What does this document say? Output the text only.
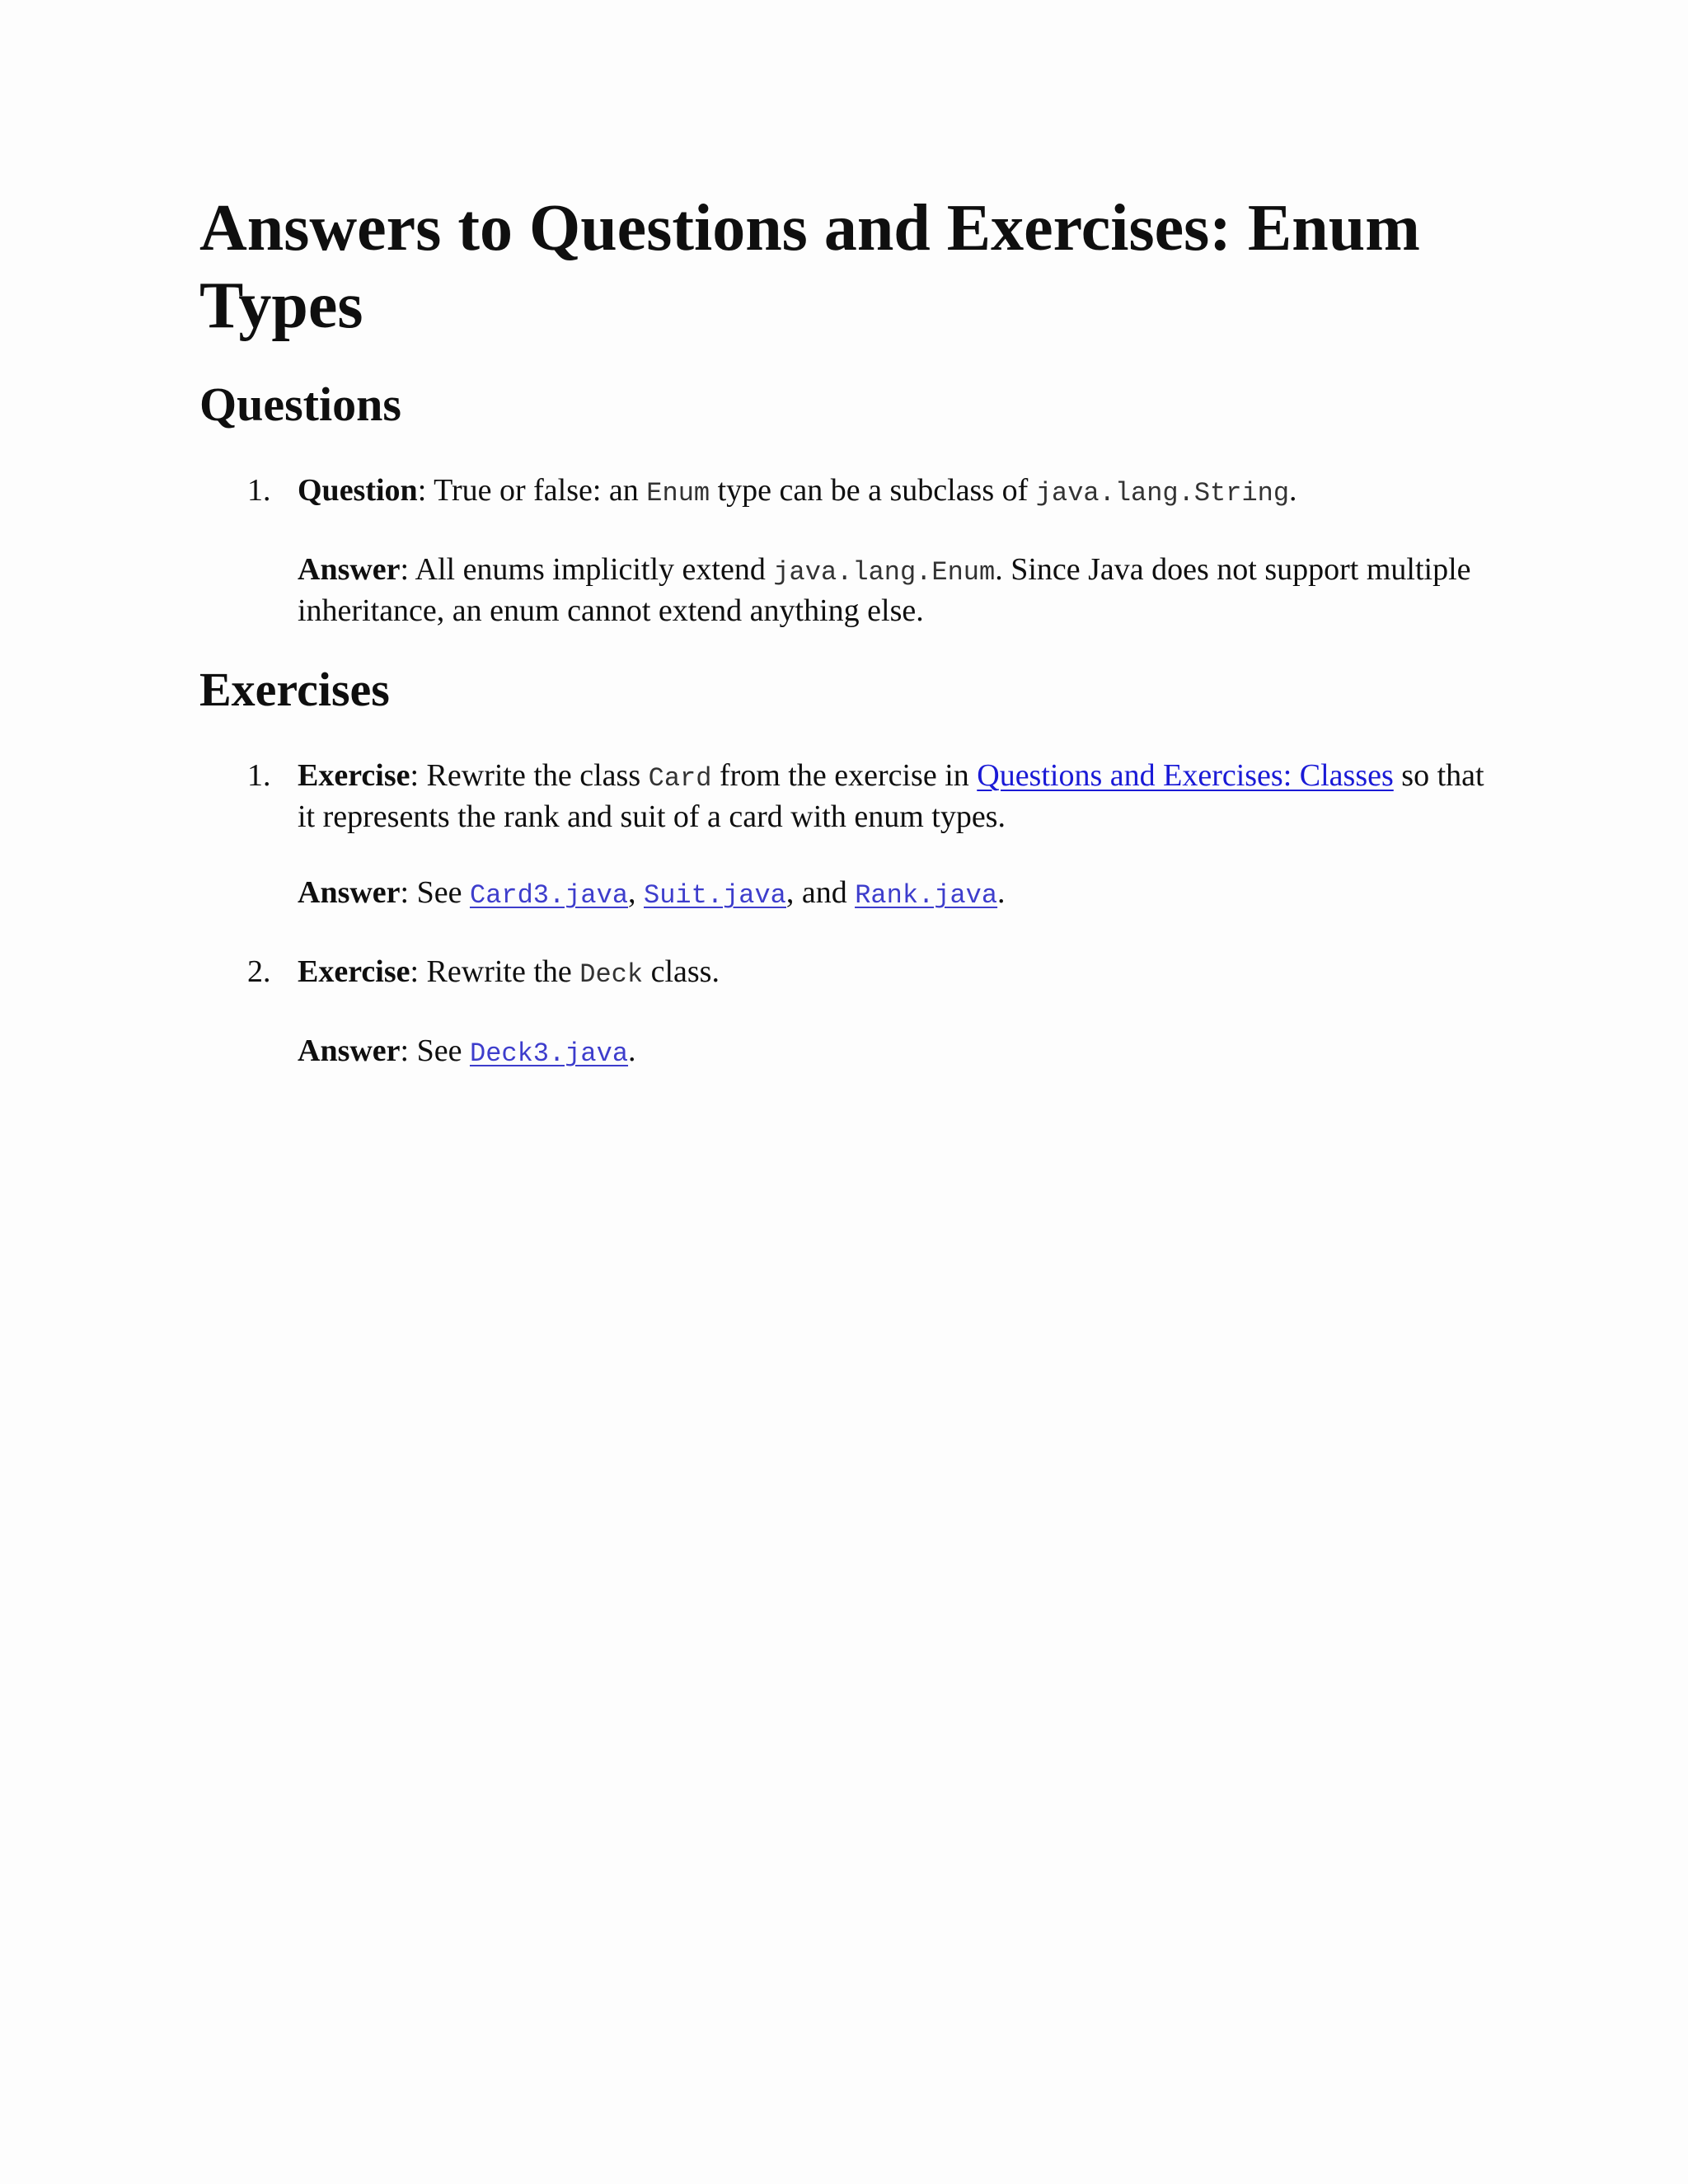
Answers to Questions and Exercises: Enum Types
Questions
1. Question: True or false: an Enum type can be a subclass of java.lang.String.
Answer: All enums implicitly extend java.lang.Enum. Since Java does not support multiple inheritance, an enum cannot extend anything else.
Exercises
1. Exercise: Rewrite the class Card from the exercise in Questions and Exercises: Classes so that it represents the rank and suit of a card with enum types.
Answer: See Card3.java, Suit.java, and Rank.java.
2. Exercise: Rewrite the Deck class.
Answer: See Deck3.java.
